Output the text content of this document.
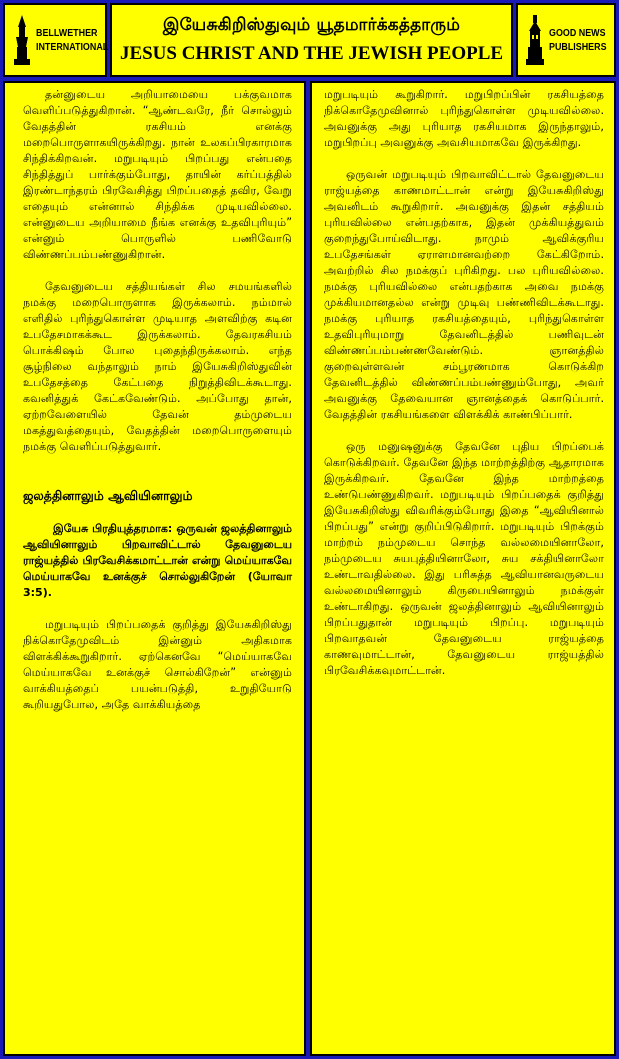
BELLWETHER
INTERNATIONAL
இயேசுகிறிஸ்துவும் யூதமார்க்கத்தாரும்
JESUS CHRIST AND THE JEWISH PEOPLE
GOOD NEWS
PUBLISHERS

தன்னுடைய அறியாமையை பக்குவமாக வெளிப்படுத்துகிறான். “ஆண்டவரே, நீர் சொல்லும் வேதத்தின் ரகசியம் எனக்கு மறைபொருளாகயிருக்கிறது. நான் உலகப்பிரகாரமாக சிந்திக்கிறவன். மறுபடியும் பிறப்பது என்பதை சிந்தித்துப் பார்க்கும்போது, தாயின் கர்ப்பத்தில் இரண்டாந்தரம் பிரவேசித்து பிறப்பதைத் தவிர, வேறு எதையும் என்னால் சிந்திக்க முடியவில்லை. என்னுடைய அறியாமை நீங்க எனக்கு உதவிபுரியும்” என்னும் பொருளில் பணிவோடு விண்ணப்பம்பண்ணுகிறான்.

தேவனுடைய சத்தியங்கள் சில சமயங்களில் நமக்கு மறைபொருளாக இருக்கலாம். நம்மால் எளிதில் புரிந்துகொள்ள முடியாத அளவிற்கு கடின உபதேசமாகக்கூட இருக்கலாம். தேவரகசியம் பொக்கிஷம் போல புதைந்திருக்கலாம். எந்த சூழ்நிலை வந்தாலும் நாம் இயேசுகிறிஸ்துவின் உபதேசத்தை கேட்பதை நிறுத்திவிடக்கூடாது. கவனித்துக் கேட்கவேண்டும். அப்போது தான், ஏற்றவேளையில் தேவன் தம்முடைய மகத்துவத்தையும், வேதத்தின் மறைபொருளையும் நமக்கு வெளிப்படுத்துவார்.

ஜலத்தினாலும் ஆவியினாலும்

இயேசு பிரதியுத்தரமாக: ஒருவன் ஜலத்தினாலும் ஆவியினாலும் பிறவாவிட்டால் தேவனுடைய ராஜ்யத்தில் பிரவேசிக்கமாட்டான் என்று மெய்யாகவே மெய்யாகவே உனக்குச் சொல்லுகிறேன் (யோவா 3:5).

மறுபடியும் பிறப்பதைக் குறித்து இயேசுகிறிஸ்து நிக்கொதேமுவிடம் இன்னும் அதிகமாக விளக்கிக்கூறுகிறார். ஏற்கெனவே “மெய்யாகவே மெய்யாகவே உனக்குச் சொல்கிறேன்” என்னும் வாக்கியத்தைப் பயன்படுத்தி, உறுதியோடு கூறியதுபோல, அதே வாக்கியத்தை

மறுபடியும் கூறுகிறார். மறுபிறப்பின் ரகசியத்தை நிக்கொதேமுவினால் புரிந்துகொள்ள முடியவில்லை. அவனுக்கு அது புரியாத ரகசியமாக இருந்தாலும், மறுபிறப்பு அவனுக்கு அவசியமாகவே இருக்கிறது.

ஒருவன் மறுபடியும் பிறவாவிட்டால் தேவனுடைய ராஜ்யத்தை காணமாட்டான் என்று இயேசுகிறிஸ்து அவனிடம் கூறுகிறார். அவனுக்கு இதன் சத்தியம் புரியவில்லை என்பதற்காக, இதன் முக்கியத்துவம் குறைந்துபோய்விடாது. நாமும் ஆவிக்குரிய உபதேசங்கள் ஏராளமானவற்றை கேட்கிறோம். அவற்றில் சில நமக்குப் புரிகிறது. பல புரியவில்லை. நமக்கு புரியவில்லை என்பதற்காக அவை நமக்கு முக்கியமானதல்ல என்று முடிவு பண்ணிவிடக்கூடாது. நமக்கு புரியாத ரகசியத்தையும், புரிந்துகொள்ள உதவிபுரியுமாறு தேவனிடத்தில் பணிவுடன் விண்ணப்பம்பண்ணவேண்டும். ஞானத்தில் குறைவுள்ளவன் சம்பூரணமாக கொடுக்கிற தேவனிடத்தில் விண்ணப்பம்பண்ணும்போது, அவர் அவனுக்கு தேவையான ஞானத்தைக் கொடுப்பார். வேதத்தின் ரகசியங்களை விளக்கிக் காண்பிப்பார்.

ஒரு மனுஷனுக்கு தேவனே புதிய பிறப்பைக் கொடுக்கிறவர். தேவனே இந்த மாற்றத்திற்கு ஆதாரமாக இருக்கிறவர். தேவனே இந்த மாற்றத்தை உண்டுபண்ணுகிறவர். மறுபடியும் பிறப்பதைக் குறித்து இயேசுகிறிஸ்து விவரிக்கும்போது இதை “ஆவியினால் பிறப்பது” என்று குறிப்பிடுகிறார். மறுபடியும் பிறக்கும் மாற்றம் நம்முடைய சொந்த வல்லமையினாலோ, நம்முடைய சுயபுத்தியினாலோ, சுய சக்தியினாலோ உண்டாவதில்லை. இது பரிசுத்த ஆவியானவருடைய வல்லமையினாலும் கிருபையினாலும் நமக்குள் உண்டாகிறது. ஒருவன் ஜலத்தினாலும் ஆவியினாலும் பிறப்பதுதான் மறுபடியும் பிறப்பு. மறுபடியும் பிறவாதவன் தேவனுடைய ராஜ்யத்தை காணவுமாட்டான், தேவனுடைய ராஜ்யத்தில் பிரவேசிக்கவுமாட்டான்.
